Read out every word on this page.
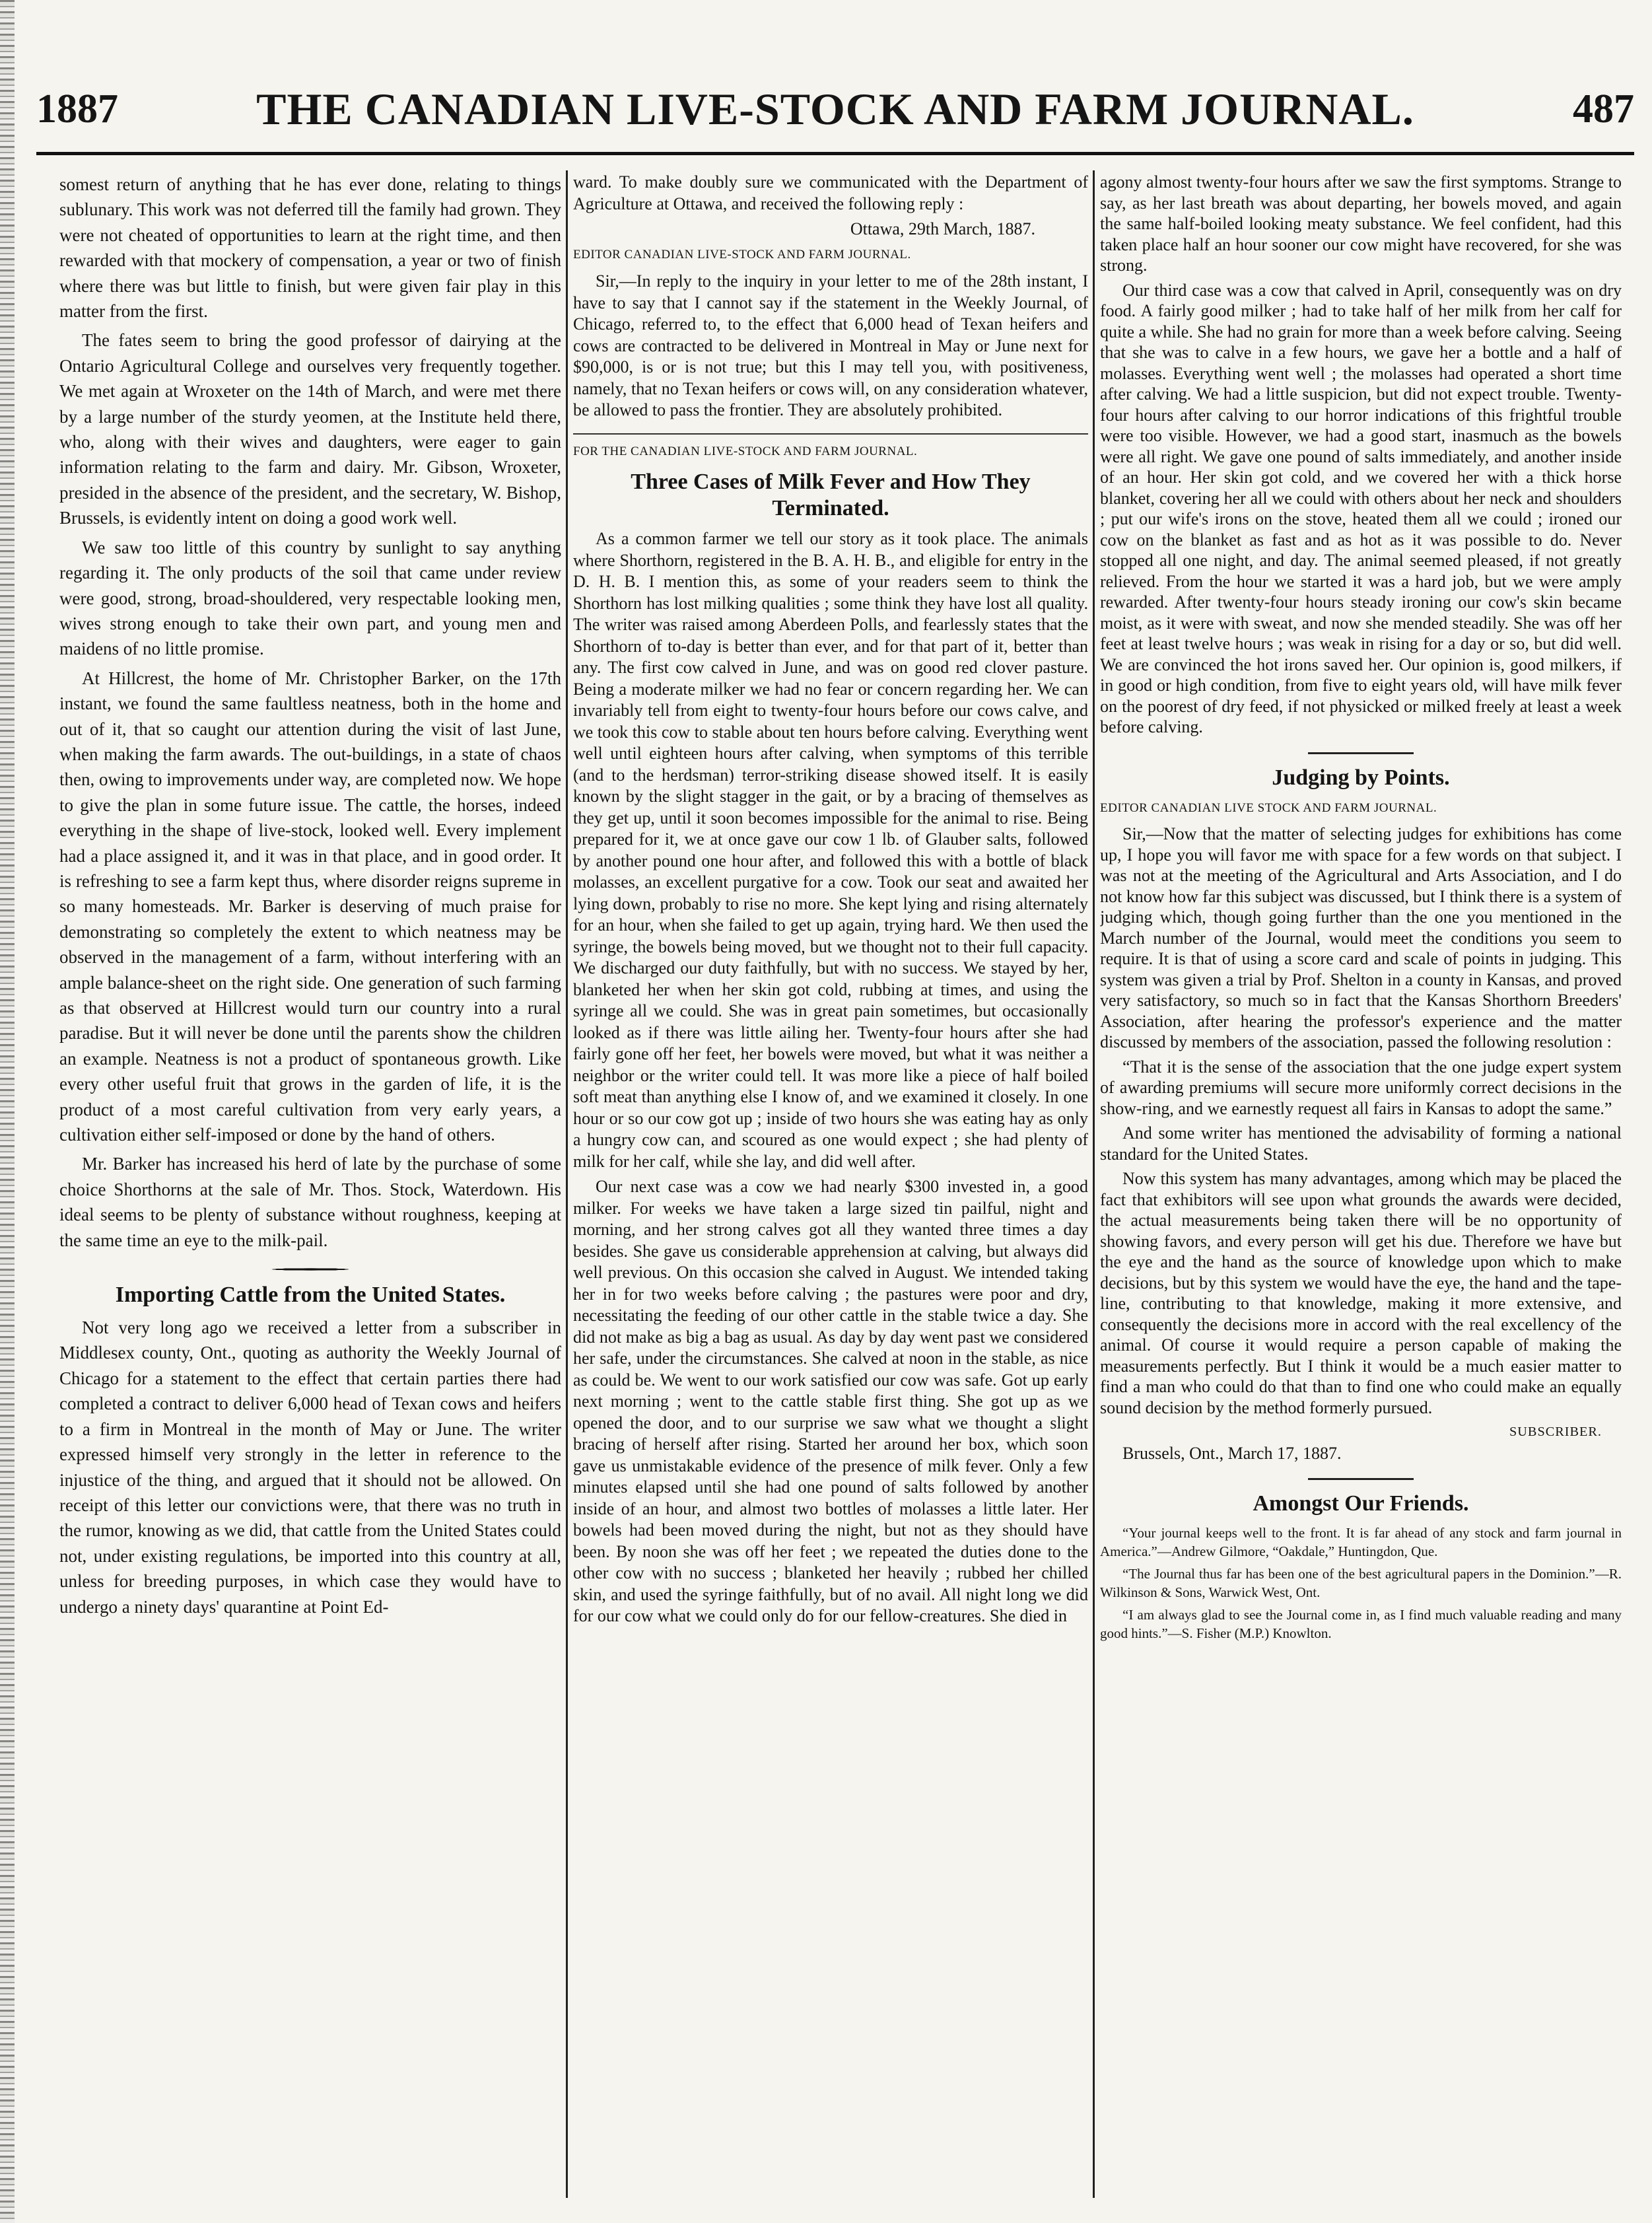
1887	THE CANADIAN LIVE-STOCK AND FARM JOURNAL.	487

somest return of anything that he has ever done, relating to things sublunary. This work was not deferred till the family had grown. They were not cheated of opportunities to learn at the right time, and then rewarded with that mockery of compensation, a year or two of finish where there was but little to finish, but were given fair play in this matter from the first.

The fates seem to bring the good professor of dairying at the Ontario Agricultural College and ourselves very frequently together. We met again at Wroxeter on the 14th of March, and were met there by a large number of the sturdy yeomen, at the Institute held there, who, along with their wives and daughters, were eager to gain information relating to the farm and dairy. Mr. Gibson, Wroxeter, presided in the absence of the president, and the secretary, W. Bishop, Brussels, is evidently intent on doing a good work well.

We saw too little of this country by sunlight to say anything regarding it. The only products of the soil that came under review were good, strong, broad-shouldered, very respectable looking men, wives strong enough to take their own part, and young men and maidens of no little promise.

At Hillcrest, the home of Mr. Christopher Barker, on the 17th instant, we found the same faultless neatness, both in the home and out of it, that so caught our attention during the visit of last June, when making the farm awards. The out-buildings, in a state of chaos then, owing to improvements under way, are completed now. We hope to give the plan in some future issue. The cattle, the horses, indeed everything in the shape of live-stock, looked well. Every implement had a place assigned it, and it was in that place, and in good order. It is refreshing to see a farm kept thus, where disorder reigns supreme in so many homesteads. Mr. Barker is deserving of much praise for demonstrating so completely the extent to which neatness may be observed in the management of a farm, without interfering with an ample balance-sheet on the right side. One generation of such farming as that observed at Hillcrest would turn our country into a rural paradise. But it will never be done until the parents show the children an example. Neatness is not a product of spontaneous growth. Like every other useful fruit that grows in the garden of life, it is the product of a most careful cultivation from very early years, a cultivation either self-imposed or done by the hand of others.

Mr. Barker has increased his herd of late by the purchase of some choice Shorthorns at the sale of Mr. Thos. Stock, Waterdown. His ideal seems to be plenty of substance without roughness, keeping at the same time an eye to the milk-pail.

Importing Cattle from the United States.

Not very long ago we received a letter from a subscriber in Middlesex county, Ont., quoting as authority the Weekly Journal of Chicago for a statement to the effect that certain parties there had completed a contract to deliver 6,000 head of Texan cows and heifers to a firm in Montreal in the month of May or June. The writer expressed himself very strongly in the letter in reference to the injustice of the thing, and argued that it should not be allowed. On receipt of this letter our convictions were, that there was no truth in the rumor, knowing as we did, that cattle from the United States could not, under existing regulations, be imported into this country at all, unless for breeding purposes, in which case they would have to undergo a ninety days' quarantine at Point Ed-

ward. To make doubly sure we communicated with the Department of Agriculture at Ottawa, and received the following reply :

Ottawa, 29th March, 1887.

EDITOR CANADIAN LIVE-STOCK AND FARM JOURNAL.

Sir,—In reply to the inquiry in your letter to me of the 28th instant, I have to say that I cannot say if the statement in the Weekly Journal, of Chicago, referred to, to the effect that 6,000 head of Texan heifers and cows are contracted to be delivered in Montreal in May or June next for $90,000, is or is not true; but this I may tell you, with positiveness, namely, that no Texan heifers or cows will, on any consideration whatever, be allowed to pass the frontier. They are absolutely prohibited.

FOR THE CANADIAN LIVE-STOCK AND FARM JOURNAL.

Three Cases of Milk Fever and How They Terminated.

As a common farmer we tell our story as it took place. The animals where Shorthorn, registered in the B. A. H. B., and eligible for entry in the D. H. B. I mention this, as some of your readers seem to think the Shorthorn has lost milking qualities ; some think they have lost all quality. The writer was raised among Aberdeen Polls, and fearlessly states that the Shorthorn of to-day is better than ever, and for that part of it, better than any. The first cow calved in June, and was on good red clover pasture. Being a moderate milker we had no fear or concern regarding her. We can invariably tell from eight to twenty-four hours before our cows calve, and we took this cow to stable about ten hours before calving. Everything went well until eighteen hours after calving, when symptoms of this terrible (and to the herdsman) terror-striking disease showed itself. It is easily known by the slight stagger in the gait, or by a bracing of themselves as they get up, until it soon becomes impossible for the animal to rise. Being prepared for it, we at once gave our cow 1 lb. of Glauber salts, followed by another pound one hour after, and followed this with a bottle of black molasses, an excellent purgative for a cow. Took our seat and awaited her lying down, probably to rise no more. She kept lying and rising alternately for an hour, when she failed to get up again, trying hard. We then used the syringe, the bowels being moved, but we thought not to their full capacity. We discharged our duty faithfully, but with no success. We stayed by her, blanketed her when her skin got cold, rubbing at times, and using the syringe all we could. She was in great pain sometimes, but occasionally looked as if there was little ailing her. Twenty-four hours after she had fairly gone off her feet, her bowels were moved, but what it was neither a neighbor or the writer could tell. It was more like a piece of half boiled soft meat than anything else I know of, and we examined it closely. In one hour or so our cow got up ; inside of two hours she was eating hay as only a hungry cow can, and scoured as one would expect ; she had plenty of milk for her calf, while she lay, and did well after.

Our next case was a cow we had nearly $300 invested in, a good milker. For weeks we have taken a large sized tin pailful, night and morning, and her strong calves got all they wanted three times a day besides. She gave us considerable apprehension at calving, but always did well previous. On this occasion she calved in August. We intended taking her in for two weeks before calving ; the pastures were poor and dry, necessitating the feeding of our other cattle in the stable twice a day. She did not make as big a bag as usual. As day by day went past we considered her safe, under the circumstances. She calved at noon in the stable, as nice as could be. We went to our work satisfied our cow was safe. Got up early next morning ; went to the cattle stable first thing. She got up as we opened the door, and to our surprise we saw what we thought a slight bracing of herself after rising. Started her around her box, which soon gave us unmistakable evidence of the presence of milk fever. Only a few minutes elapsed until she had one pound of salts followed by another inside of an hour, and almost two bottles of molasses a little later. Her bowels had been moved during the night, but not as they should have been. By noon she was off her feet ; we repeated the duties done to the other cow with no success ; blanketed her heavily ; rubbed her chilled skin, and used the syringe faithfully, but of no avail. All night long we did for our cow what we could only do for our fellow-creatures. She died in

agony almost twenty-four hours after we saw the first symptoms. Strange to say, as her last breath was about departing, her bowels moved, and again the same half-boiled looking meaty substance. We feel confident, had this taken place half an hour sooner our cow might have recovered, for she was strong.

Our third case was a cow that calved in April, consequently was on dry food. A fairly good milker ; had to take half of her milk from her calf for quite a while. She had no grain for more than a week before calving. Seeing that she was to calve in a few hours, we gave her a bottle and a half of molasses. Everything went well ; the molasses had operated a short time after calving. We had a little suspicion, but did not expect trouble. Twenty-four hours after calving to our horror indications of this frightful trouble were too visible. However, we had a good start, inasmuch as the bowels were all right. We gave one pound of salts immediately, and another inside of an hour. Her skin got cold, and we covered her with a thick horse blanket, covering her all we could with others about her neck and shoulders ; put our wife's irons on the stove, heated them all we could ; ironed our cow on the blanket as fast and as hot as it was possible to do. Never stopped all one night, and day. The animal seemed pleased, if not greatly relieved. From the hour we started it was a hard job, but we were amply rewarded. After twenty-four hours steady ironing our cow's skin became moist, as it were with sweat, and now she mended steadily. She was off her feet at least twelve hours ; was weak in rising for a day or so, but did well. We are convinced the hot irons saved her. Our opinion is, good milkers, if in good or high condition, from five to eight years old, will have milk fever on the poorest of dry feed, if not physicked or milked freely at least a week before calving.

Judging by Points.

EDITOR CANADIAN LIVE STOCK AND FARM JOURNAL.

Sir,—Now that the matter of selecting judges for exhibitions has come up, I hope you will favor me with space for a few words on that subject. I was not at the meeting of the Agricultural and Arts Association, and I do not know how far this subject was discussed, but I think there is a system of judging which, though going further than the one you mentioned in the March number of the Journal, would meet the conditions you seem to require. It is that of using a score card and scale of points in judging. This system was given a trial by Prof. Shelton in a county in Kansas, and proved very satisfactory, so much so in fact that the Kansas Shorthorn Breeders' Association, after hearing the professor's experience and the matter discussed by members of the association, passed the following resolution :

“That it is the sense of the association that the one judge expert system of awarding premiums will secure more uniformly correct decisions in the show-ring, and we earnestly request all fairs in Kansas to adopt the same.”

And some writer has mentioned the advisability of forming a national standard for the United States.

Now this system has many advantages, among which may be placed the fact that exhibitors will see upon what grounds the awards were decided, the actual measurements being taken there will be no opportunity of showing favors, and every person will get his due. Therefore we have but the eye and the hand as the source of knowledge upon which to make decisions, but by this system we would have the eye, the hand and the tape-line, contributing to that knowledge, making it more extensive, and consequently the decisions more in accord with the real excellency of the animal. Of course it would require a person capable of making the measurements perfectly. But I think it would be a much easier matter to find a man who could do that than to find one who could make an equally sound decision by the method formerly pursued.

SUBSCRIBER.

Brussels, Ont., March 17, 1887.

Amongst Our Friends.

“Your journal keeps well to the front. It is far ahead of any stock and farm journal in America.”—Andrew Gilmore, “Oakdale,” Huntingdon, Que.

“The Journal thus far has been one of the best agricultural papers in the Dominion.”—R. Wilkinson & Sons, Warwick West, Ont.

“I am always glad to see the Journal come in, as I find much valuable reading and many good hints.”—S. Fisher (M.P.) Knowlton.
